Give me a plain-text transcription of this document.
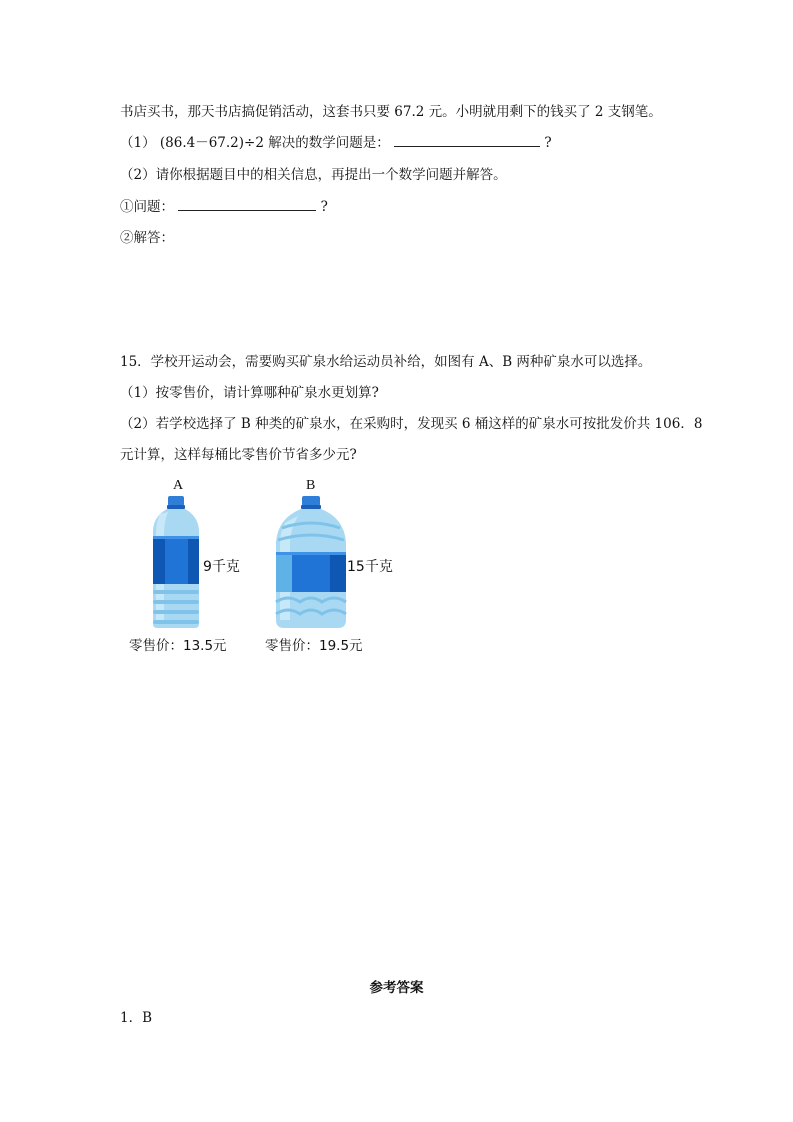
书店买书，那天书店搞促销活动，这套书只要 67.2 元。小明就用剩下的钱买了 2 支钢笔。
（1） (86.4－67.2)÷2 解决的数学问题是：	?
（2）请你根据题目中的相关信息，再提出一个数学问题并解答。
①问题：	?
②解答：
15．学校开运动会，需要购买矿泉水给运动员补给，如图有 A、B 两种矿泉水可以选择。
（1）按零售价，请计算哪种矿泉水更划算?
（2）若学校选择了 B 种类的矿泉水，在采购时，发现买 6 桶这样的矿泉水可按批发价共 106．8
元计算，这样每桶比零售价节省多少元?
A	B
9千克	15千克
零售价：13.5元	零售价：19.5元
参考答案
1．B
